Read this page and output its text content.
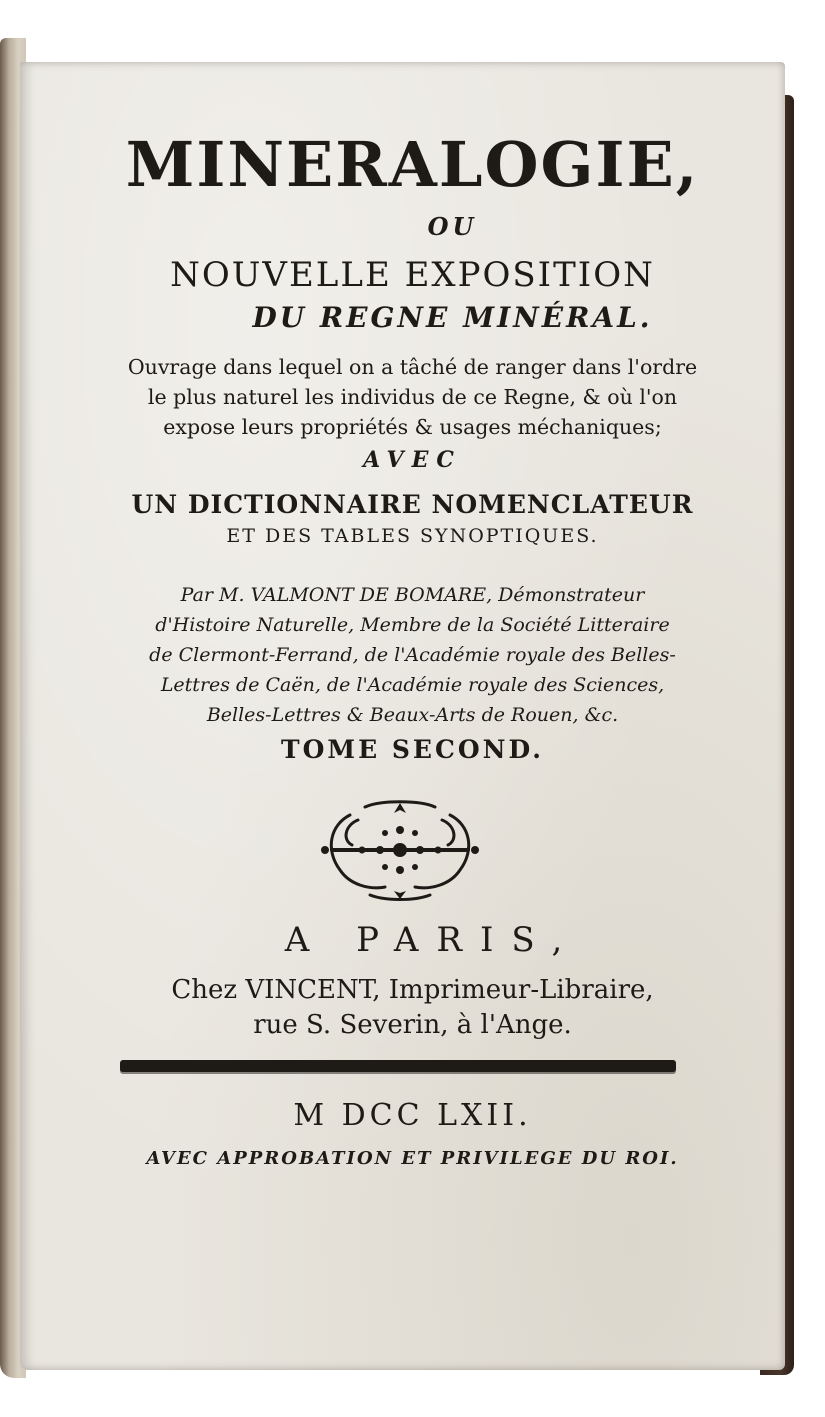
MINERALOGIE,
OU
NOUVELLE EXPOSITION
DU REGNE MINÉRAL.
Ouvrage dans lequel on a tâché de ranger dans l'ordre
le plus naturel les individus de ce Regne, & où l'on
expose leurs propriétés & usages méchaniques;
AVEC
UN DICTIONNAIRE NOMENCLATEUR
ET DES TABLES SYNOPTIQUES.
Par M. VALMONT DE BOMARE, Démonstrateur
d'Histoire Naturelle, Membre de la Société Litteraire
de Clermont-Ferrand, de l'Académie royale des Belles-
Lettres de Caën, de l'Académie royale des Sciences,
Belles-Lettres & Beaux-Arts de Rouen, &c.
TOME SECOND.
A PARIS,
Chez VINCENT, Imprimeur-Libraire,
rue S. Severin, à l'Ange.
M DCC LXII.
AVEC APPROBATION ET PRIVILEGE DU ROI.
